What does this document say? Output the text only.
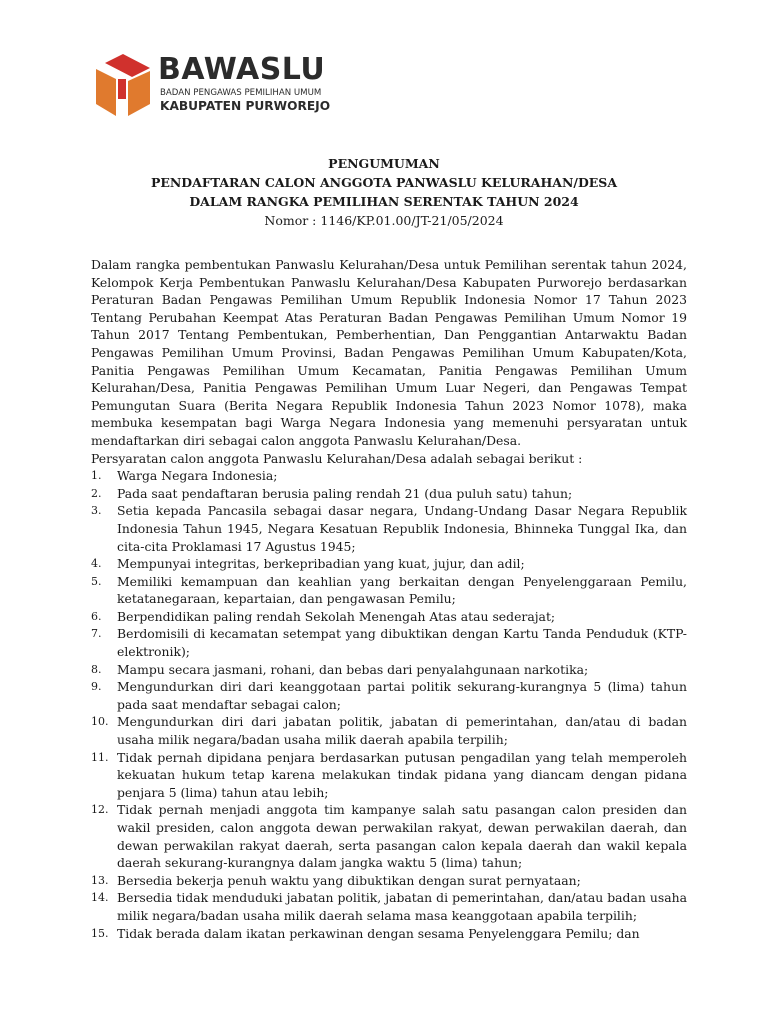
BAWASLU
BADAN PENGAWAS PEMILIHAN UMUM
KABUPATEN PURWOREJO
PENGUMUMAN
PENDAFTARAN CALON ANGGOTA PANWASLU KELURAHAN/DESA
DALAM RANGKA PEMILIHAN SERENTAK TAHUN 2024
Nomor : 1146/KP.01.00/JT-21/05/2024

Dalam rangka pembentukan Panwaslu Kelurahan/Desa untuk Pemilihan serentak tahun 2024, Kelompok Kerja Pembentukan Panwaslu Kelurahan/Desa Kabupaten Purworejo berdasarkan Peraturan Badan Pengawas Pemilihan Umum Republik Indonesia Nomor 17 Tahun 2023 Tentang Perubahan Keempat Atas Peraturan Badan Pengawas Pemilihan Umum Nomor 19 Tahun 2017 Tentang Pembentukan, Pemberhentian, Dan Penggantian Antarwaktu Badan Pengawas Pemilihan Umum Provinsi, Badan Pengawas Pemilihan Umum Kabupaten/Kota, Panitia Pengawas Pemilihan Umum Kecamatan, Panitia Pengawas Pemilihan Umum Kelurahan/Desa, Panitia Pengawas Pemilihan Umum Luar Negeri, dan Pengawas Tempat Pemungutan Suara (Berita Negara Republik Indonesia Tahun 2023 Nomor 1078), maka membuka kesempatan bagi Warga Negara Indonesia yang memenuhi persyaratan untuk mendaftarkan diri sebagai calon anggota Panwaslu Kelurahan/Desa.

Persyaratan calon anggota Panwaslu Kelurahan/Desa adalah sebagai berikut :

1.	Warga Negara Indonesia;
2.	Pada saat pendaftaran berusia paling rendah 21 (dua puluh satu) tahun;
3.	Setia kepada Pancasila sebagai dasar negara, Undang-Undang Dasar Negara Republik Indonesia Tahun 1945, Negara Kesatuan Republik Indonesia, Bhinneka Tunggal Ika, dan cita-cita Proklamasi 17 Agustus 1945;
4.	Mempunyai integritas, berkepribadian yang kuat, jujur, dan adil;
5.	Memiliki kemampuan dan keahlian yang berkaitan dengan Penyelenggaraan Pemilu, ketatanegaraan, kepartaian, dan pengawasan Pemilu;
6.	Berpendidikan paling rendah Sekolah Menengah Atas atau sederajat;
7.	Berdomisili di kecamatan setempat yang dibuktikan dengan Kartu Tanda Penduduk (KTP-elektronik);
8.	Mampu secara jasmani, rohani, dan bebas dari penyalahgunaan narkotika;
9.	Mengundurkan diri dari keanggotaan partai politik sekurang-kurangnya 5 (lima) tahun pada saat mendaftar sebagai calon;
10. Mengundurkan diri dari jabatan politik, jabatan di pemerintahan, dan/atau di badan usaha milik negara/badan usaha milik daerah apabila terpilih;
11. Tidak pernah dipidana penjara berdasarkan putusan pengadilan yang telah memperoleh kekuatan hukum tetap karena melakukan tindak pidana yang diancam dengan pidana penjara 5 (lima) tahun atau lebih;
12. Tidak pernah menjadi anggota tim kampanye salah satu pasangan calon presiden dan wakil presiden, calon anggota dewan perwakilan rakyat, dewan perwakilan daerah, dan dewan perwakilan rakyat daerah, serta pasangan calon kepala daerah dan wakil kepala daerah sekurang-kurangnya dalam jangka waktu 5 (lima) tahun;
13. Bersedia bekerja penuh waktu yang dibuktikan dengan surat pernyataan;
14. Bersedia tidak menduduki jabatan politik, jabatan di pemerintahan, dan/atau badan usaha milik negara/badan usaha milik daerah selama masa keanggotaan apabila terpilih;
15. Tidak berada dalam ikatan perkawinan dengan sesama Penyelenggara Pemilu; dan
